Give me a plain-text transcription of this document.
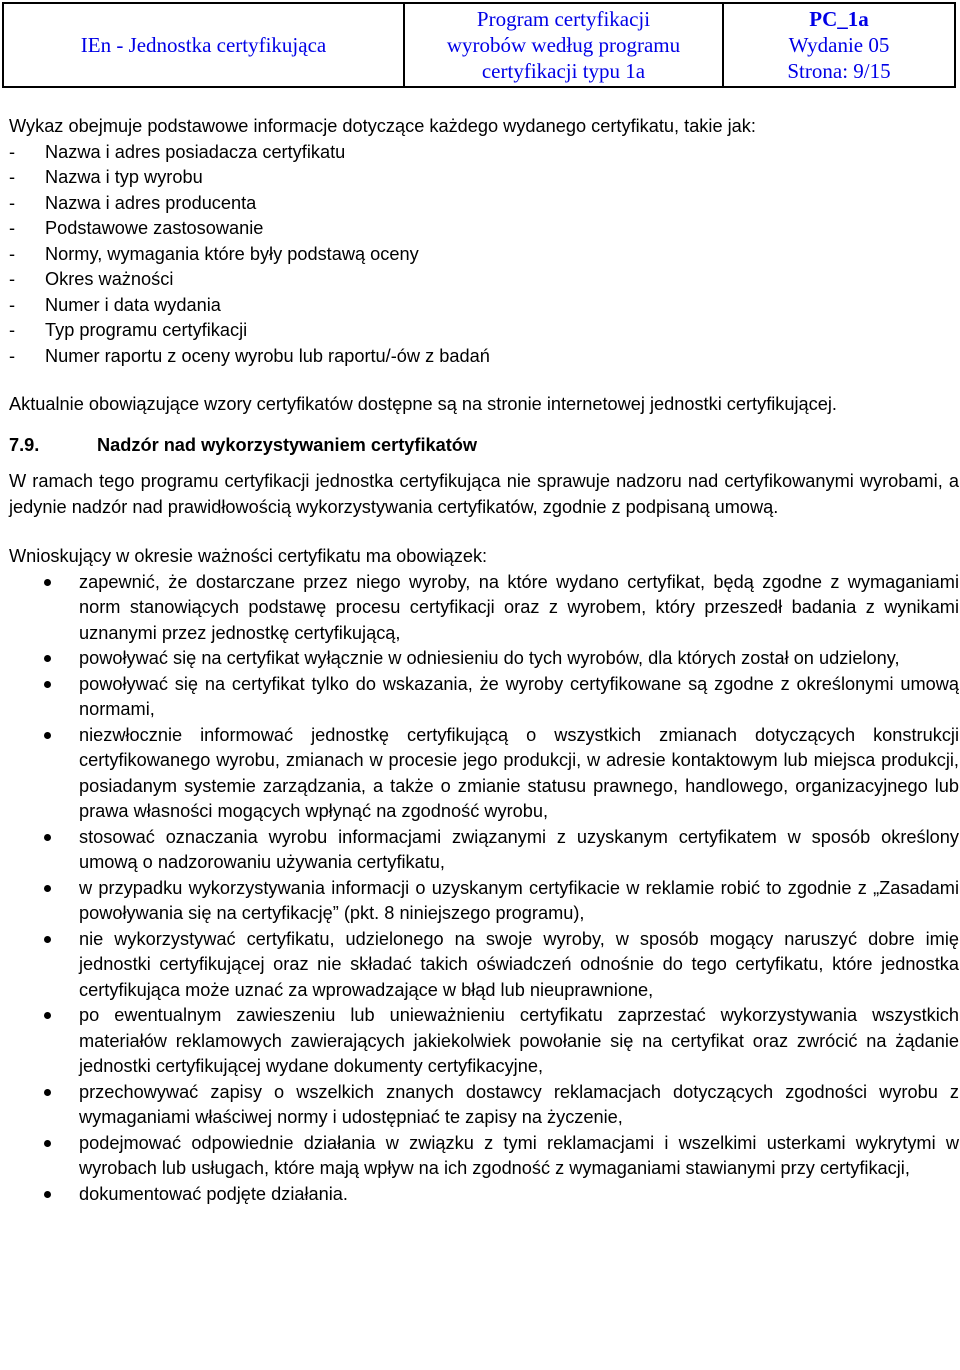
IEn - Jednostka certyfikująca	
Program certyfikacji
wyrobów według programu
certyfikacji typu 1a

PC_1a
Wydanie 05
Strona: 9/15

Wykaz obejmuje podstawowe informacje dotyczące każdego wydanego certyfikatu, takie jak:

-	Nazwa i adres posiadacza certyfikatu
-	Nazwa i typ wyrobu
-	Nazwa i adres producenta
-	Podstawowe zastosowanie
-	Normy, wymagania które były podstawą oceny
-	Okres ważności
-	Numer i data wydania
-	Typ programu certyfikacji
-	Numer raportu z oceny wyrobu lub raportu/-ów z badań

Aktualnie obowiązujące wzory certyfikatów dostępne są na stronie internetowej jednostki certyfikującej.

7.9.	Nadzór nad wykorzystywaniem certyfikatów

W ramach tego programu certyfikacji jednostka certyfikująca nie sprawuje nadzoru nad certyfikowanymi wyrobami, a jedynie nadzór nad prawidłowością wykorzystywania certyfikatów, zgodnie z podpisaną umową.

Wnioskujący w okresie ważności certyfikatu ma obowiązek:

zapewnić, że dostarczane przez niego wyroby, na które wydano certyfikat, będą zgodne z wymaganiami norm stanowiących podstawę procesu certyfikacji oraz z wyrobem, który przeszedł badania z wynikami uznanymi przez jednostkę certyfikującą,
powoływać się na certyfikat wyłącznie w odniesieniu do tych wyrobów, dla których został on udzielony,
powoływać się na certyfikat tylko do wskazania, że wyroby certyfikowane są zgodne z określonymi umową normami,
niezwłocznie informować jednostkę certyfikującą o wszystkich zmianach dotyczących konstrukcji certyfikowanego wyrobu, zmianach w procesie jego produkcji, w adresie kontaktowym lub miejsca produkcji, posiadanym systemie zarządzania, a także o zmianie statusu prawnego, handlowego, organizacyjnego lub prawa własności mogących wpłynąć na zgodność wyrobu,
stosować oznaczania wyrobu informacjami związanymi z uzyskanym certyfikatem w sposób określony umową o nadzorowaniu używania certyfikatu,
w przypadku wykorzystywania informacji o uzyskanym certyfikacie w reklamie robić to zgodnie z „Zasadami powoływania się na certyfikację” (pkt. 8 niniejszego programu),
nie wykorzystywać certyfikatu, udzielonego na swoje wyroby, w sposób mogący naruszyć dobre imię jednostki certyfikującej oraz nie składać takich oświadczeń odnośnie do tego certyfikatu, które jednostka certyfikująca może uznać za wprowadzające w błąd lub nieuprawnione,
po ewentualnym zawieszeniu lub unieważnieniu certyfikatu zaprzestać wykorzystywania wszystkich materiałów reklamowych zawierających jakiekolwiek powołanie się na certyfikat oraz zwrócić na żądanie jednostki certyfikującej wydane dokumenty certyfikacyjne,
przechowywać zapisy o wszelkich znanych dostawcy reklamacjach dotyczących zgodności wyrobu z wymaganiami właściwej normy i udostępniać te zapisy na życzenie,
podejmować odpowiednie działania w związku z tymi reklamacjami i wszelkimi usterkami wykrytymi w wyrobach lub usługach, które mają wpływ na ich zgodność z wymaganiami stawianymi przy certyfikacji,
dokumentować podjęte działania.
